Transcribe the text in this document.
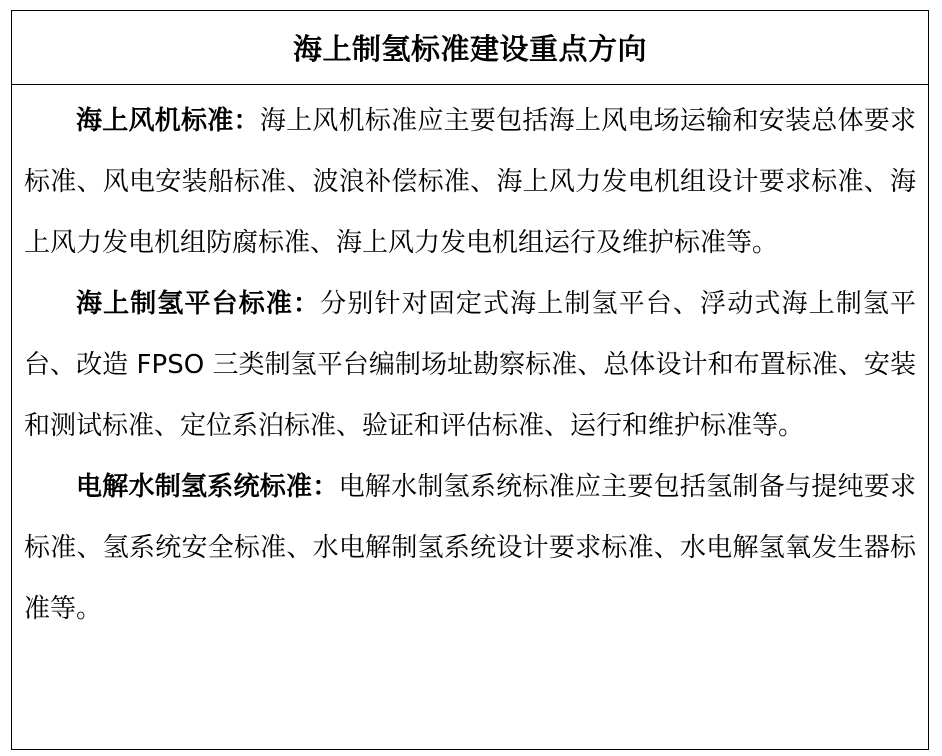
海上制氢标准建设重点方向

海上风机标准：海上风机标准应主要包括海上风电场运输和安装总体要求标准、风电安装船标准、波浪补偿标准、海上风力发电机组设计要求标准、海上风力发电机组防腐标准、海上风力发电机组运行及维护标准等。

海上制氢平台标准：分别针对固定式海上制氢平台、浮动式海上制氢平台、改造 FPSO 三类制氢平台编制场址勘察标准、总体设计和布置标准、安装和测试标准、定位系泊标准、验证和评估标准、运行和维护标准等。

电解水制氢系统标准：电解水制氢系统标准应主要包括氢制备与提纯要求标准、氢系统安全标准、水电解制氢系统设计要求标准、水电解氢氧发生器标准等。
